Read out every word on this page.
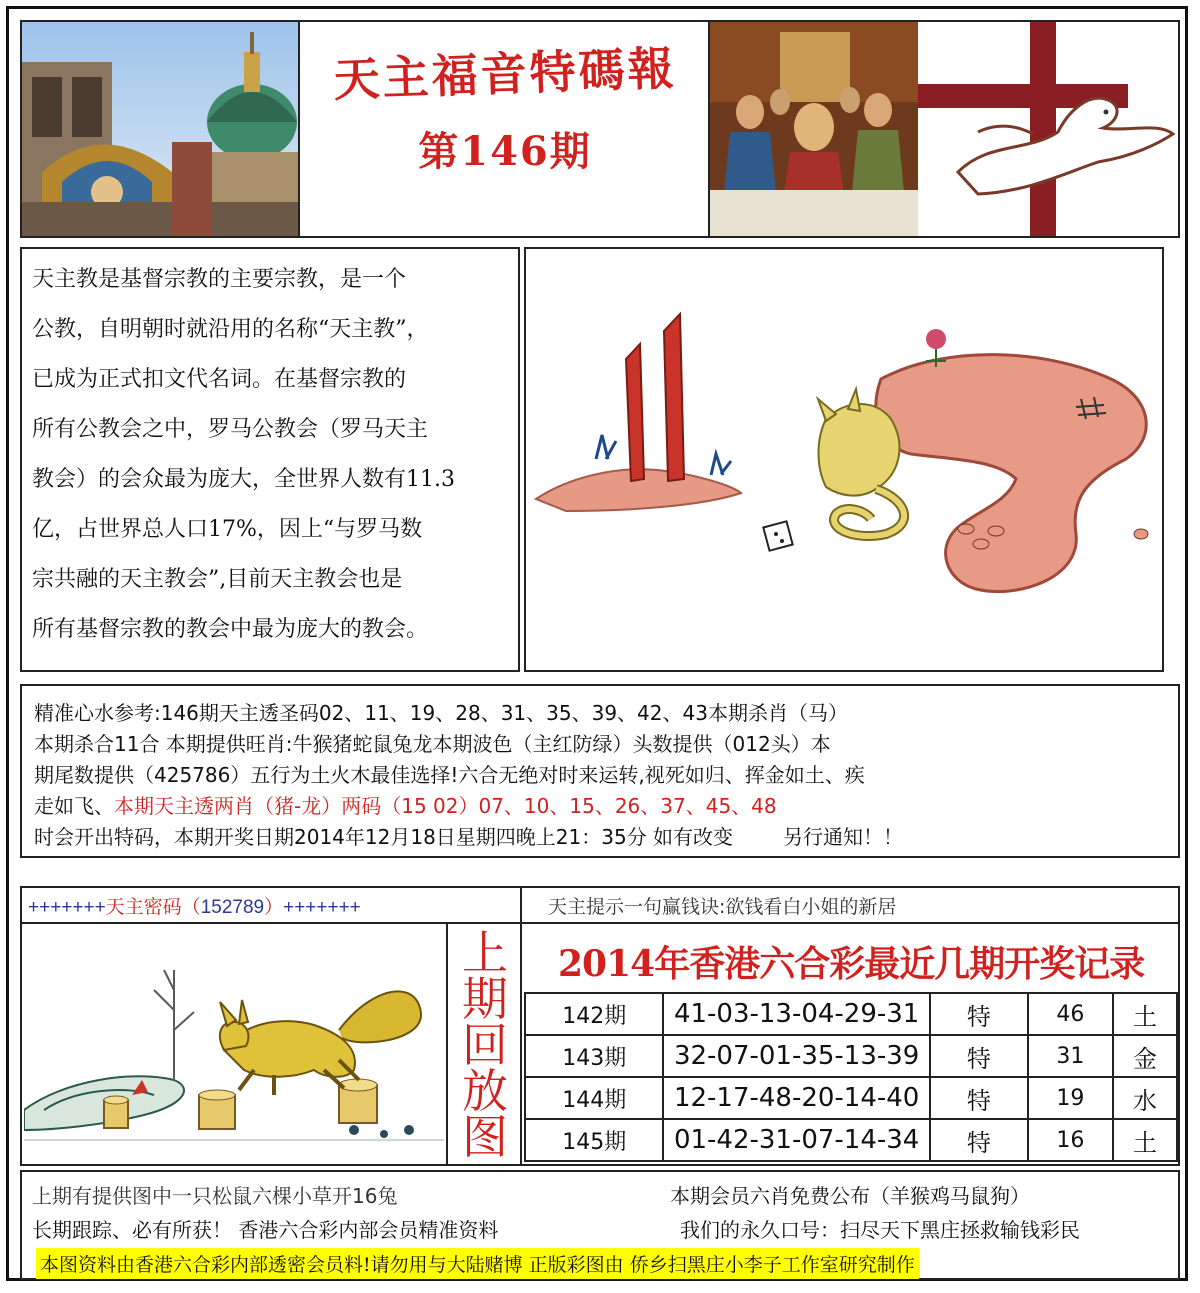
天主福音特碼報
第146期

天主教是基督宗教的主要宗教，是一个

公教，自明朝时就沿用的名称“天主教”，

已成为正式扣文代名词。在基督宗教的

所有公教会之中，罗马公教会（罗马天主

教会）的会众最为庞大，全世界人数有11.3

亿，占世界总人口17%，因上“与罗马数

宗共融的天主教会”,目前天主教会也是

所有基督宗教的教会中最为庞大的教会。

精准心水参考:146期天主透圣码02、11、19、28、31、35、39、42、43本期杀肖（马）
本期杀合11合 本期提供旺肖:牛猴猪蛇鼠兔龙本期波色（主红防绿）头数提供（012头）本
期尾数提供（425786）五行为土火木最佳选择!六合无绝对时来运转,视死如归、挥金如土、疾
走如飞、本期天主透两肖（猪-龙）两码（15 02）07、10、15、26、37、45、48
时会开出特码，本期开奖日期2014年12月18日星期四晚上21：35分 如有改变	另行通知！！
+++++++天主密码（152789）+++++++
上
期
回
放
图
天主提示一句赢钱诀:欲钱看白小姐的新居
2014年香港六合彩最近几期开奖记录
142期	41-03-13-04-29-31	特	46	土
143期	32-07-01-35-13-39	特	31	金
144期	12-17-48-20-14-40	特	19	水
145期	01-42-31-07-14-34	特	16	土
上期有提供图中一只松鼠六棵小草开16兔	本期会员六肖免费公布（羊猴鸡马鼠狗）
长期跟踪、必有所获！ 香港六合彩内部会员精准资料	我们的永久口号：扫尽天下黑庄拯救输钱彩民
本图资料由香港六合彩内部透密会员料!请勿用与大陆赌博 正版彩图由 侨乡扫黑庄小李子工作室研究制作
